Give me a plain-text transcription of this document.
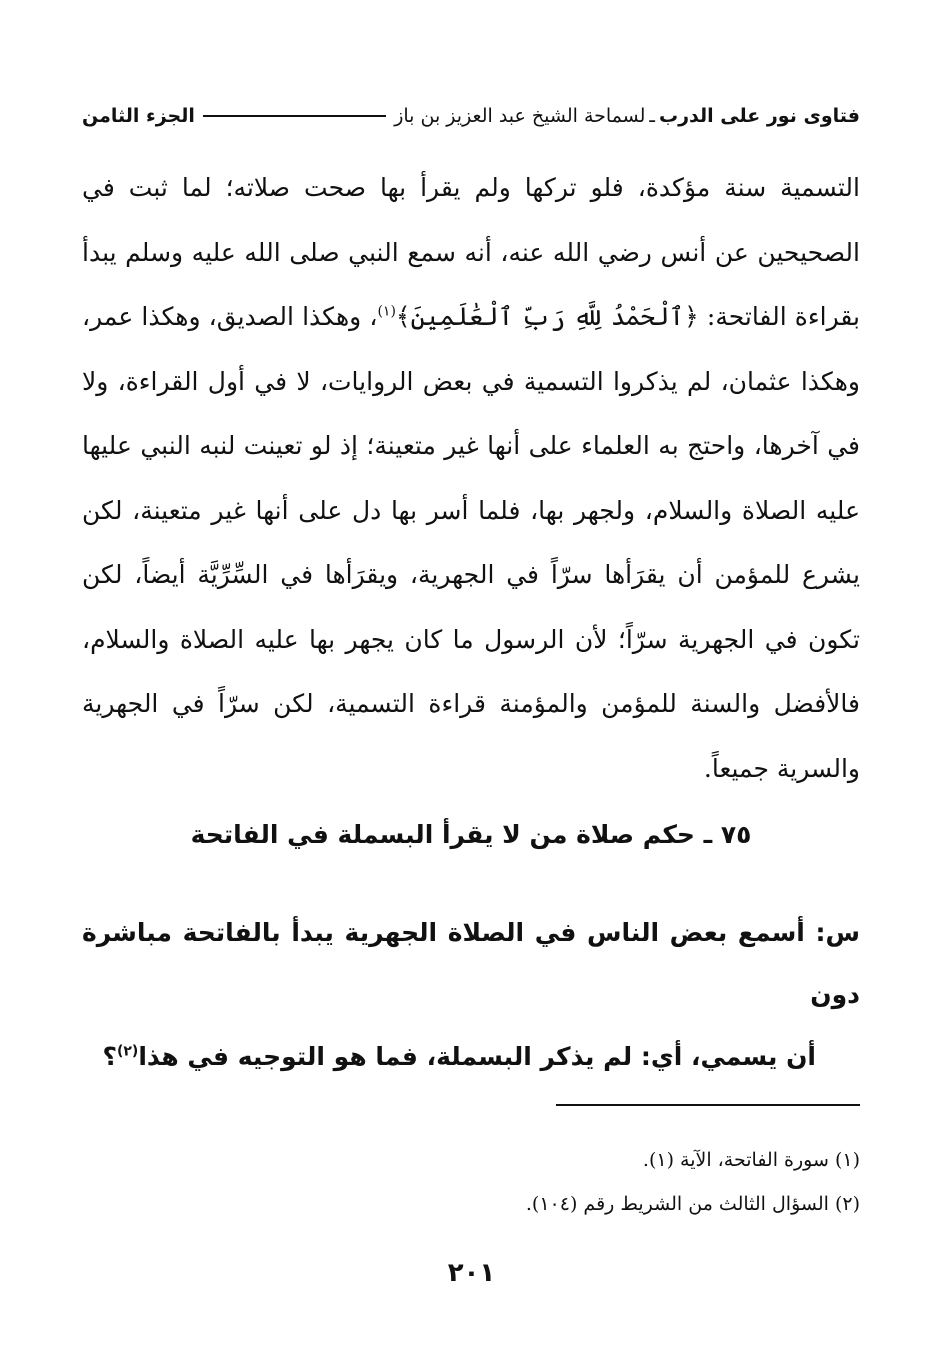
فتاوى نور على الدرب
ـ
لسماحة الشيخ عبد العزيز بن باز
الجزء الثامن

التسمية سنة مؤكدة، فلو تركها ولم يقرأ بها صحت صلاته؛ لما ثبت في الصحيحين عن أنس رضي الله عنه، أنه سمع النبي صلى الله عليه وسلم يبدأ بقراءة الفاتحة: ﴿ٱلْحَمْدُ لِلَّهِ رَبِّ ٱلْعَٰلَمِينَ﴾$^{(١)}$، وهكذا الصديق، وهكذا عمر، وهكذا عثمان، لم يذكروا التسمية في بعض الروايات، لا في أول القراءة، ولا في آخرها، واحتج به العلماء على أنها غير متعينة؛ إذ لو تعينت لنبه النبي عليها عليه الصلاة والسلام، ولجهر بها، فلما أسر بها دل على أنها غير متعينة، لكن يشرع للمؤمن أن يقرَأها سرّاً في الجهرية، ويقرَأها في السِّرِّيَّة أيضاً، لكن تكون في الجهرية سرّاً؛ لأن الرسول ما كان يجهر بها عليه الصلاة والسلام، فالأفضل والسنة للمؤمن والمؤمنة قراءة التسمية، لكن سرّاً في الجهرية والسرية جميعاً.

٧٥ ـ حكم صلاة من لا يقرأ البسملة في الفاتحة
س: أسمع بعض الناس في الصلاة الجهرية يبدأ بالفاتحة مباشرة دون
أن يسمي، أي: لم يذكر البسملة، فما هو التوجيه في هذا$^{(٢)}$؟
(١) سورة الفاتحة، الآية (١).
(٢) السؤال الثالث من الشريط رقم (١٠٤).
٢٠١
